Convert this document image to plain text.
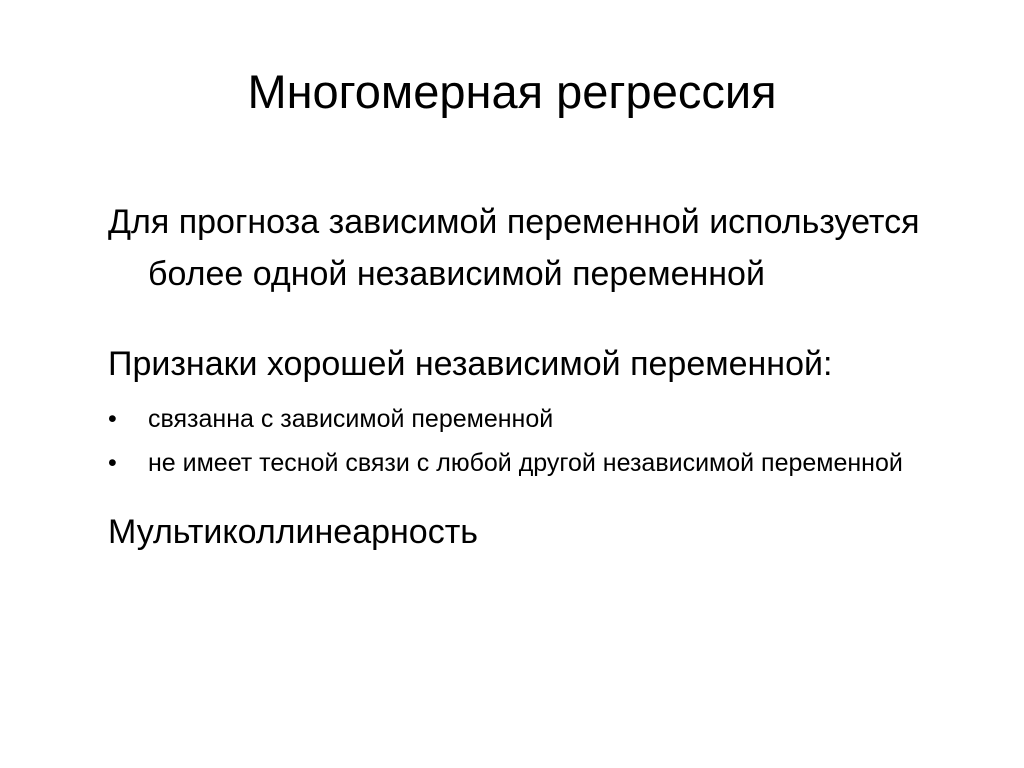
Многомерная регрессия

Для прогноза зависимой переменной используется более одной независимой переменной

Признаки хорошей независимой переменной:

•	связанна с зависимой переменной
•	не имеет тесной связи с любой другой независимой переменной

Мультиколлинеарность
